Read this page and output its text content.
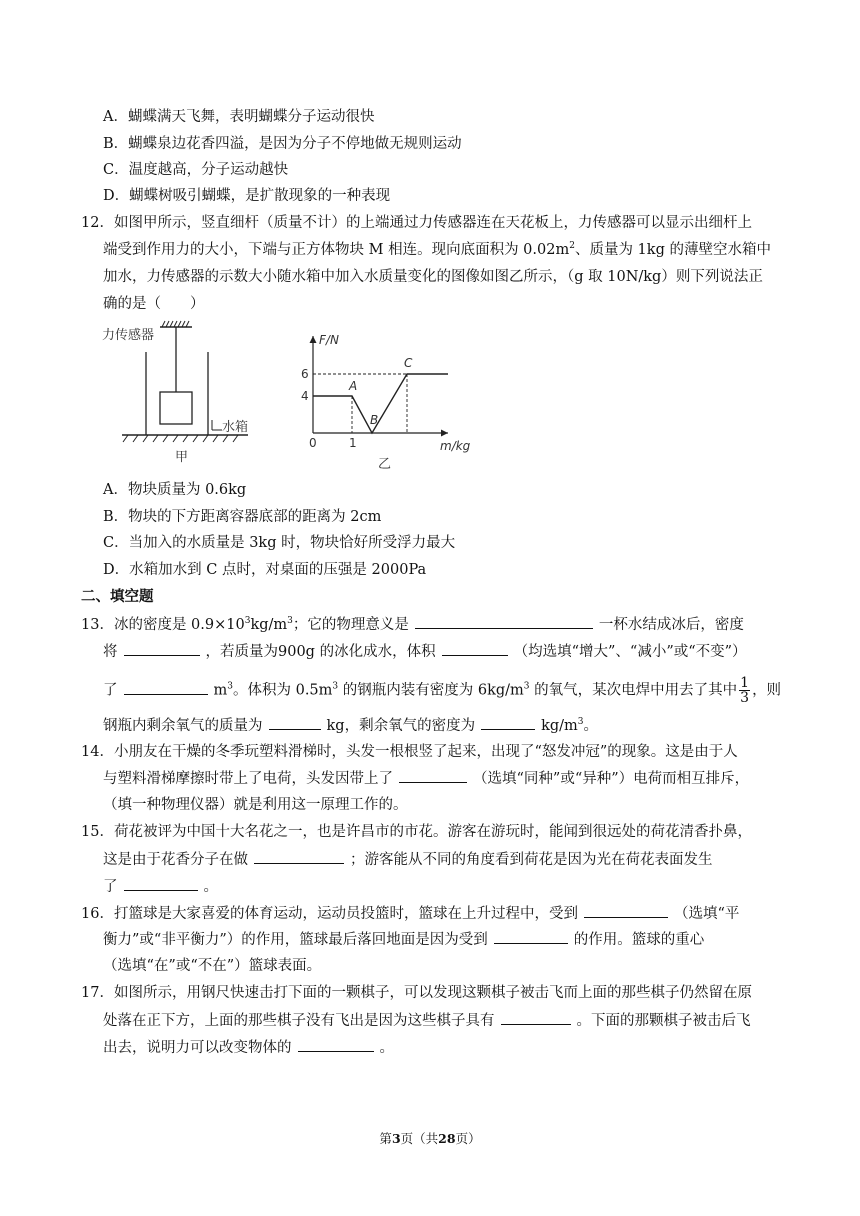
A．蝴蝶满天飞舞，表明蝴蝶分子运动很快
B．蝴蝶泉边花香四溢，是因为分子不停地做无规则运动
C．温度越高，分子运动越快
D．蝴蝶树吸引蝴蝶，是扩散现象的一种表现
12．如图甲所示，竖直细杆（质量不计）的上端通过力传感器连在天花板上，力传感器可以显示出细杆上
端受到作用力的大小，下端与正方体物块 M 相连。现向底面积为 $0.02m^2$、质量为 1kg 的薄壁空水箱中
加水，力传感器的示数大小随水箱中加入水质量变化的图像如图乙所示，（g 取 10N/kg）则下列说法正
确的是（　　）
力传感器
水箱
甲
F/N
m/kg
6
4
0	1
A
B
C
乙
A．物块质量为 0.6kg
B．物块的下方距离容器底部的距离为 2cm
C．当加入的水质量是 3kg 时，物块恰好所受浮力最大
D．水箱加水到 C 点时，对桌面的压强是 2000Pa
二、填空题
13．冰的密度是 $0.9\times 10^3kg/m^3$；它的物理意义是	一杯水结成冰后，密度
将	，若质量为900g 的冰化成水，体积	（均选填“增大”、“减小”或“不变”）
了	$m^3$。体积为 $0.5m^3$ 的钢瓶内装有密度为 $6kg/m^3$ 的氧气，某次电焊中用去了其中 $\frac{1}{3}$ ，则
钢瓶内剩余氧气的质量为	kg，剩余氧气的密度为	$kg/m^3$。
14．小朋友在干燥的冬季玩塑料滑梯时，头发一根根竖了起来，出现了“怒发冲冠”的现象。这是由于人
与塑料滑梯摩擦时带上了电荷，头发因带上了	（选填“同种”或“异种”）电荷而相互排斥，
（填一种物理仪器）就是利用这一原理工作的。
15．荷花被评为中国十大名花之一，也是许昌市的市花。游客在游玩时，能闻到很远处的荷花清香扑鼻，
这是由于花香分子在做	；游客能从不同的角度看到荷花是因为光在荷花表面发生
了	。
16．打篮球是大家喜爱的体育运动，运动员投篮时，篮球在上升过程中，受到	（选填“平
衡力”或“非平衡力”）的作用，篮球最后落回地面是因为受到	的作用。篮球的重心
（选填“在”或“不在”）篮球表面。
17．如图所示，用钢尺快速击打下面的一颗棋子，可以发现这颗棋子被击飞而上面的那些棋子仍然留在原
处落在正下方，上面的那些棋子没有飞出是因为这些棋子具有	。下面的那颗棋子被击后飞
出去，说明力可以改变物体的	。
第3页（共28页）
